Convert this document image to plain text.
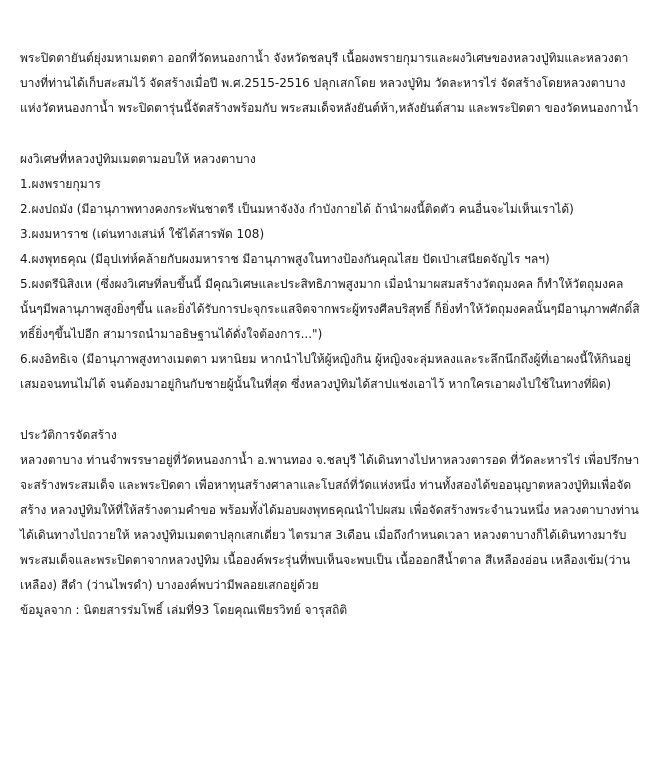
พระปิดตายันต์ยุ่งมหาเมตตา ออกที่วัดหนองกาน้ำ จังหวัดชลบุรี เนื้อผงพรายกุมารและผงวิเศษของหลวงปู่ทิมและหลวงตาบางที่ท่านได้เก็บสะสมไว้ จัดสร้างเมื่อปี พ.ศ.2515-2516 ปลุกเสกโดย หลวงปู่ทิม วัดละหารไร่ จัดสร้างโดยหลวงตาบาง แห่งวัดหนองกาน้ำ พระปิดตารุ่นนี้จัดสร้างพร้อมกับ พระสมเด็จหลังยันต์ห้า,หลังยันต์สาม และพระปิดตา ของวัดหนองกาน้ำ

ผงวิเศษที่หลวงปู่ทิมเมตตามอบให้ หลวงตาบาง

1.ผงพรายกุมาร

2.ผงปถมัง (มีอานุภาพทางคงกระพันชาตรี เป็นมหาจังงัง กำบังกายได้ ถ้านำผงนี้ติดตัว คนอื่นจะไม่เห็นเราได้)

3.ผงมหาราช (เด่นทางเสน่ห์ ใช้ได้สารพัด 108)

4.ผงพุทธคุณ (มีอุปเท่ห์คล้ายกับผงมหาราช มีอานุภาพสูงในทางป้องกันคุณไสย ปัดเป่าเสนียดจัญไร ฯลฯ)

5.ผงตรีนิสิงเห (ซึ่งผงวิเศษที่ลบขึ้นนี้ มีคุณวิเศษและประสิทธิภาพสูงมาก เมื่อนำมาผสมสร้างวัตถุมงคล ก็ทำให้วัตถุมงคลนั้นๆมีพลานุภาพสูงยิ่งๆขึ้น และยิ่งได้รับการปะจุกระแสจิตจากพระผู้ทรงศีลบริสุทธิ์ ก็ยิ่งทำให้วัตถุมงคลนั้นๆมีอานุภาพศักดิ์สิทธิ์ยิ่งๆขึ้นไปอีก สามารถนำมาอธิษฐานได้ดั่งใจต้องการ...")

6.ผงอิทธิเจ (มีอานุภาพสูงทางเมตตา มหานิยม หากนำไปให้ผู้หญิงกิน ผู้หญิงจะลุ่มหลงและระลึกนึกถึงผู้ที่เอาผงนี้ให้กินอยู่เสมอจนทนไม่ได้ จนต้องมาอยู่กินกับชายผู้นั้นในที่สุด ซึ่งหลวงปู่ทิมได้สาปแช่งเอาไว้ หากใครเอาผงไปใช้ในทางที่ผิด)

ประวัติการจัดสร้าง

หลวงตาบาง ท่านจำพรรษาอยู่ที่วัดหนองกาน้ำ อ.พานทอง จ.ชลบุรี ได้เดินทางไปหาหลวงตารอด ที่วัดละหารไร่ เพื่อปรึกษาจะสร้างพระสมเด็จ และพระปิดตา เพื่อหาทุนสร้างศาลาและโบสถ์ที่วัดแห่งหนึ่ง ท่านทั้งสองได้ขออนุญาตหลวงปู่ทิมเพื่อจัดสร้าง หลวงปู่ทิมให้ที่ให้สร้างตามคำขอ พร้อมทั้งได้มอบผงพุทธคุณนำไปผสม เพื่อจัดสร้างพระจำนวนหนึ่ง หลวงตาบางท่านได้เดินทางไปถวายให้ หลวงปู่ทิมเมตตาปลุกเสกเดี่ยว ไตรมาส 3เดือน เมื่อถึงกำหนดเวลา หลวงตาบางก็ได้เดินทางมารับพระสมเด็จและพระปิดตาจากหลวงปู่ทิม เนื้อองค์พระรุ่นที่พบเห็นจะพบเป็น เนื้อออกสีน้ำตาล สีเหลืองอ่อน เหลืองเข้ม(ว่านเหลือง) สีดำ (ว่านไพรดำ) บางองค์พบว่ามีพลอยเสกอยู่ด้วย

ข้อมูลจาก : นิตยสารร่มโพธิ์ เล่มที่93 โดยคุณเพียรวิทย์ จารุสถิติ
